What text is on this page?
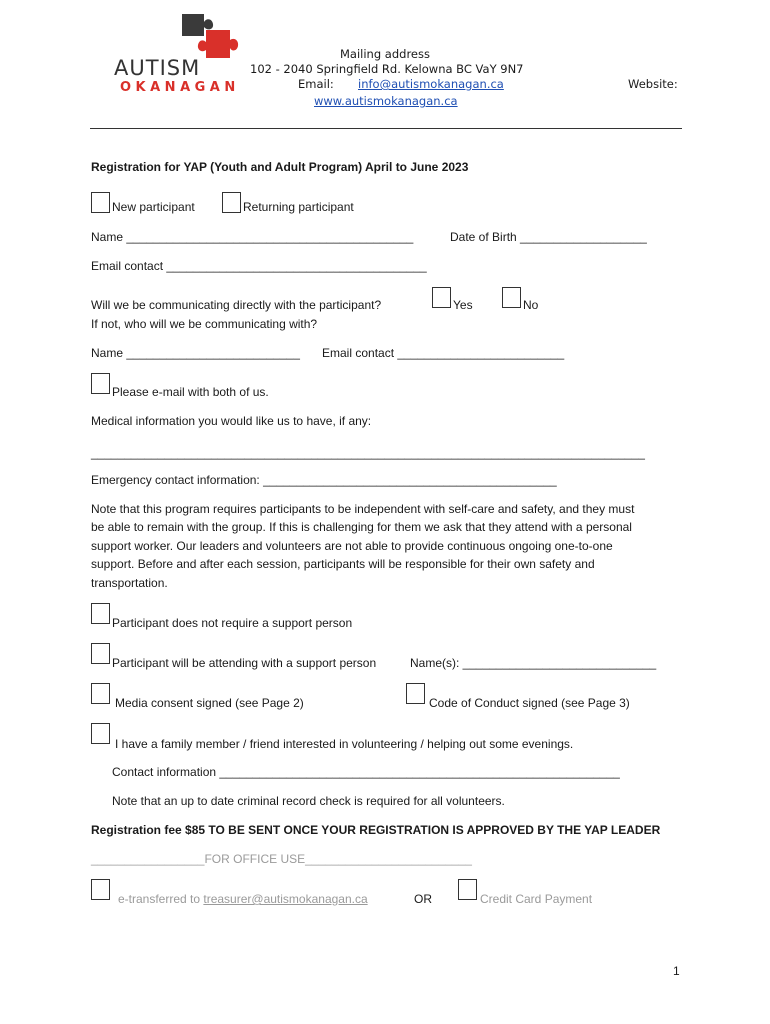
AUTISM
OKANAGAN
Mailing address
102 - 2040 Springfield Rd. Kelowna BC VaY 9N7
Email: info@autismokanagan.ca	Website:
www.autismokanagan.ca
Registration for YAP (Youth and Adult Program) April to June 2023
New participant	Returning participant
Name ___________________________________________	Date of Birth ___________________
Email contact _______________________________________
Will we be communicating directly with the participant?
If not, who will we be communicating with?
Yes	No
Name __________________________ Email contact _________________________
Please e-mail with both of us.
Medical information you would like us to have, if any:
___________________________________________________________________________________
Emergency contact information: ____________________________________________
Note that this program requires participants to be independent with self-care and safety, and they must
be able to remain with the group. If this is challenging for them we ask that they attend with a personal
support worker. Our leaders and volunteers are not able to provide continuous ongoing one-to-one
support. Before and after each session, participants will be responsible for their own safety and
transportation.
Participant does not require a support person
Participant will be attending with a support person	Name(s): _____________________________
Media consent signed (see Page 2)	Code of Conduct signed (see Page 3)
I have a family member / friend interested in volunteering / helping out some evenings.
Contact information ____________________________________________________________
Note that an up to date criminal record check is required for all volunteers.
Registration fee $85 TO BE SENT ONCE YOUR REGISTRATION IS APPROVED BY THE YAP LEADER
_________________FOR OFFICE USE_________________________
e-transferred to treasurer@autismokanagan.ca	OR	Credit Card Payment
1
